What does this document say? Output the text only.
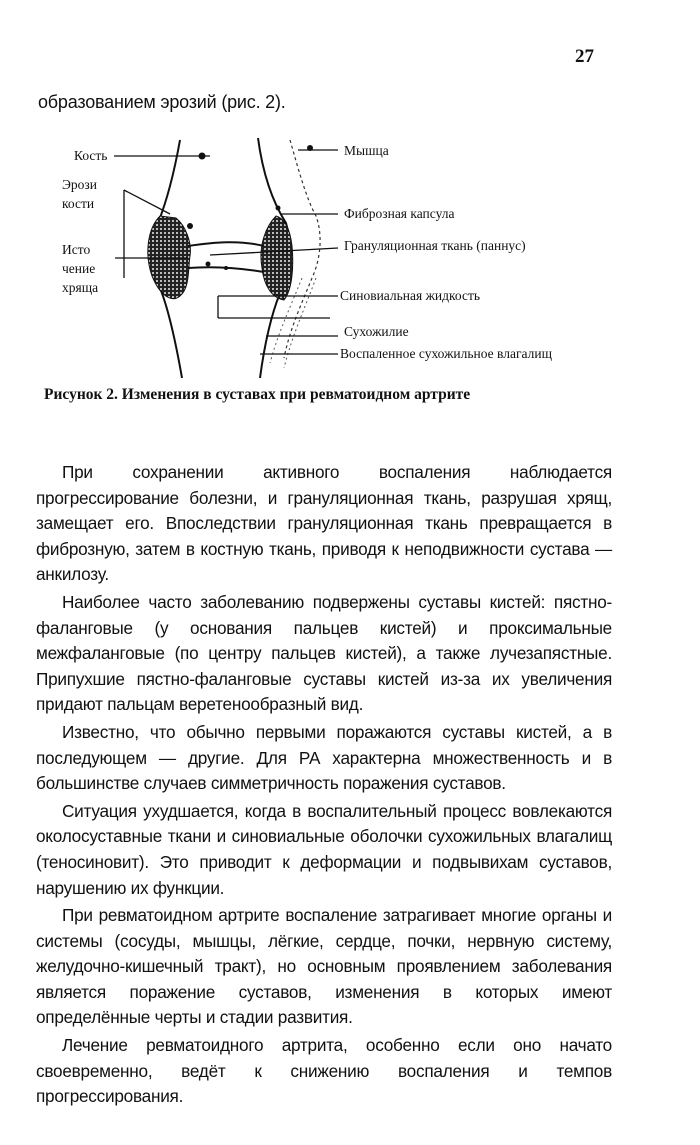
27
образованием эрозий (рис. 2).
Кость
Эрози
кости
Исто
чение
хряща
Мышца
Фиброзная капсула
Грануляционная ткань (паннус)
Синовиальная жидкость
Сухожилие
Воспаленное сухожильное влагалищ
Рисунок 2. Изменения в суставах при ревматоидном артрите

При сохранении активного воспаления наблюдается прогрессирование болезни, и грануляционная ткань, разрушая хрящ, замещает его. Впоследствии грануляционная ткань превращается в фиброзную, затем в костную ткань, приводя к неподвижности сустава — анкилозу.

Наиболее часто заболеванию подвержены суставы кистей: пястно-фаланговые (у основания пальцев кистей) и проксимальные межфаланговые (по центру пальцев кистей), а также лучезапястные. Припухшие пястно-фаланговые суставы кистей из-за их увеличения придают пальцам веретенообразный вид.

Известно, что обычно первыми поражаются суставы кистей, а в последующем — другие. Для РА характерна множественность и в большинстве случаев симметричность поражения суставов.

Ситуация ухудшается, когда в воспалительный процесс вовлекаются околосуставные ткани и синовиальные оболочки сухожильных влагалищ (теносиновит). Это приводит к деформации и подвывихам суставов, нарушению их функции.

При ревматоидном артрите воспаление затрагивает многие органы и системы (сосуды, мышцы, лёгкие, сердце, почки, нервную систему, желудочно-кишечный тракт), но основным проявлением заболевания является поражение суставов, изменения в которых имеют определённые черты и стадии развития.

Лечение ревматоидного артрита, особенно если оно начато своевременно, ведёт к снижению воспаления и темпов прогрессирования.
